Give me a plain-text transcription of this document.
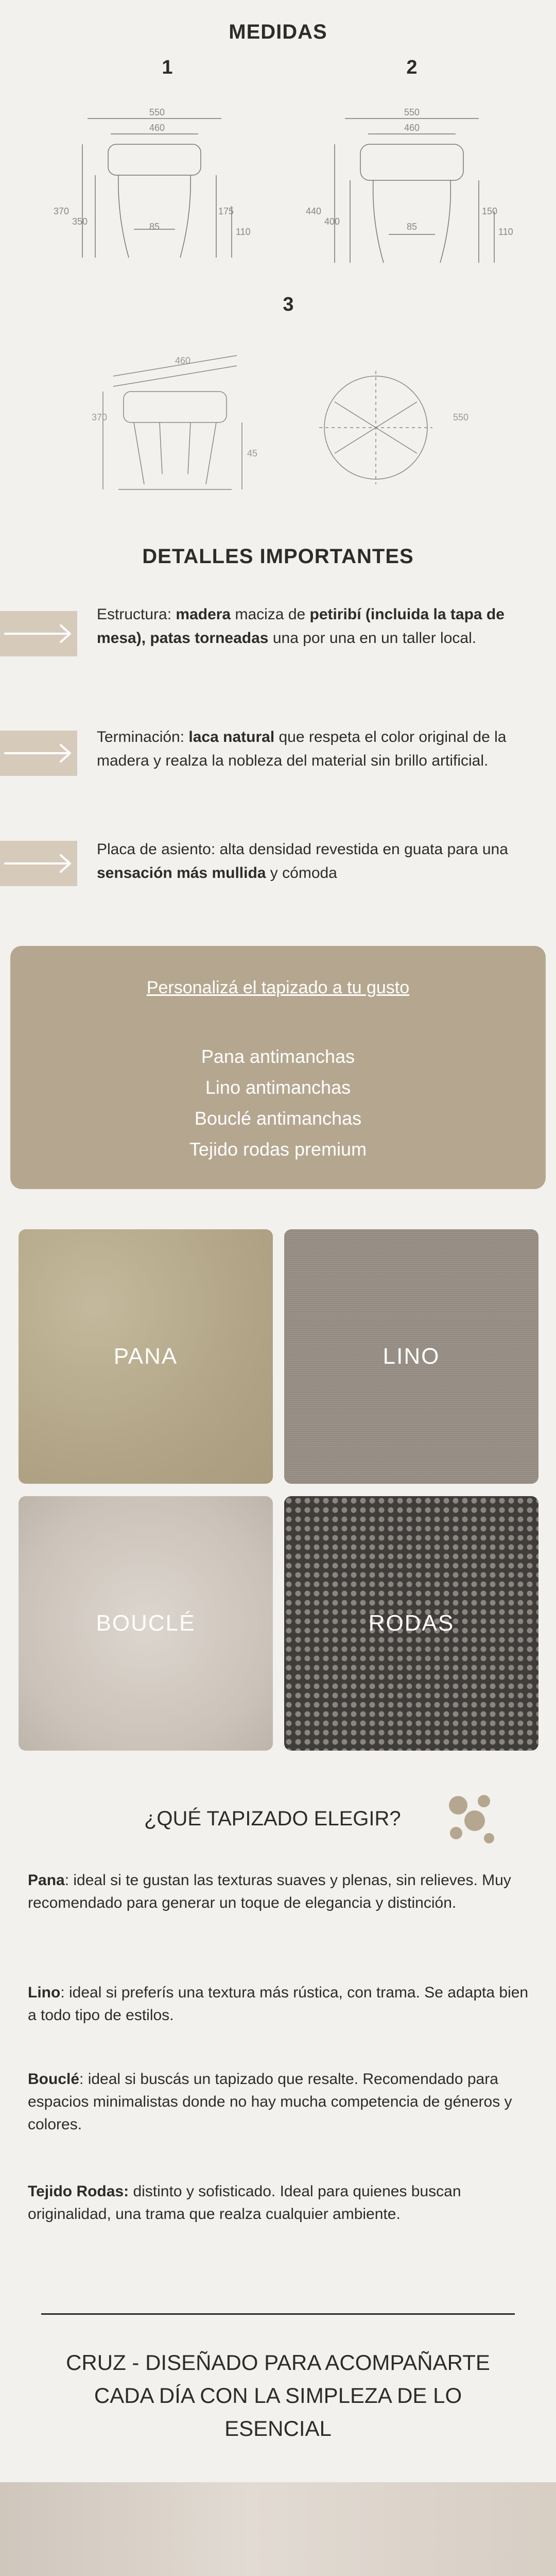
MEDIDAS
1	2
550
460
370
350
175
110
85
550
460
440
400
150
110
85
3
460
370
45
550
DETALLES IMPORTANTES
Estructura: madera maciza de petiribí (incluida la tapa de mesa), patas torneadas una por una en un taller local.
Terminación: laca natural que respeta el color original de la madera y realza la nobleza del material sin brillo artificial.
Placa de asiento: alta densidad revestida en guata para una sensación más mullida y cómoda
Personalizá el tapizado a tu gusto
Pana antimanchas
Lino antimanchas
Bouclé antimanchas
Tejido rodas premium
PANA	LINO
BOUCLÉ	RODAS
¿QUÉ TAPIZADO ELEGIR?
Pana: ideal si te gustan las texturas suaves y plenas, sin relieves. Muy recomendado para generar un toque de elegancia y distinción.
Lino: ideal si preferís una textura más rústica, con trama. Se adapta bien a todo tipo de estilos.
Bouclé: ideal si buscás un tapizado que resalte. Recomendado para espacios minimalistas donde no hay mucha competencia de géneros y colores.
Tejido Rodas: distinto y sofisticado. Ideal para quienes buscan originalidad, una trama que realza cualquier ambiente.
CRUZ - DISEÑADO PARA ACOMPAÑARTE
CADA DÍA CON LA SIMPLEZA DE LO
ESENCIAL
